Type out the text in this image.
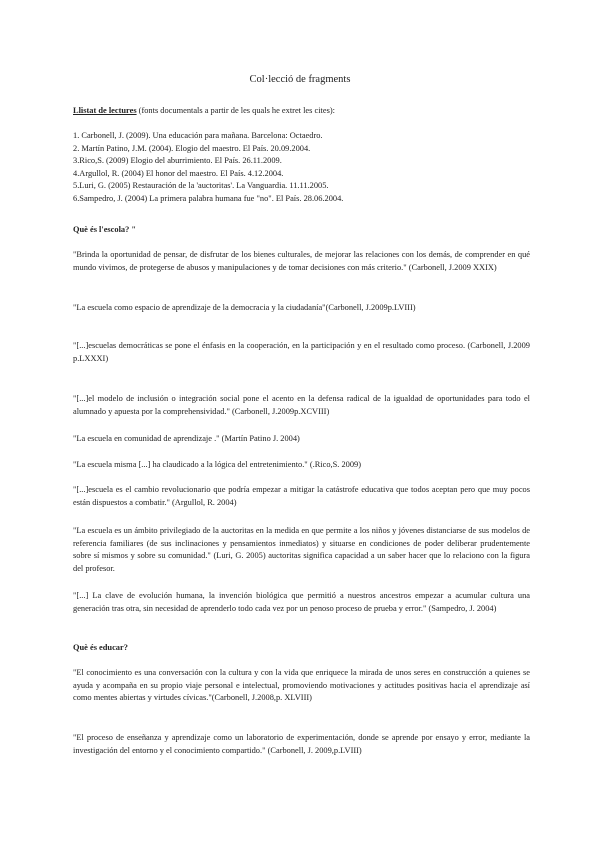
Col·lecció de fragments
Llistat de lectures (fonts documentals a partir de les quals he extret les cites):
1. Carbonell, J. (2009). Una educación para mañana. Barcelona: Octaedro.
2. Martín Patino, J.M. (2004). Elogio del maestro. El País. 20.09.2004.
3.Rico,S. (2009) Elogio del aburrimiento. El País. 26.11.2009.
4.Argullol, R. (2004) El honor del maestro. El País. 4.12.2004.
5.Luri, G. (2005) Restauración de la 'auctoritas'. La Vanguardia. 11.11.2005.
6.Sampedro, J. (2004) La primera palabra humana fue "no". El País. 28.06.2004.
Què és l'escola? "
"Brinda la oportunidad de pensar, de disfrutar de los bienes culturales, de mejorar las relaciones con los demás, de comprender en qué mundo vivimos, de protegerse de abusos y manipulaciones y de tomar decisiones con más criterio." (Carbonell, J.2009 XXIX)
"La escuela como espacio de aprendizaje de la democracia y la ciudadanía"(Carbonell, J.2009p.LVIII)
"[...]escuelas democráticas se pone el énfasis en la cooperación, en la participación y en el resultado como proceso. (Carbonell, J.2009 p.LXXXI)
"[...]el modelo de inclusión o integración social pone el acento en la defensa radical de la igualdad de oportunidades para todo el alumnado y apuesta por la comprehensividad." (Carbonell, J.2009p.XCVIII)
"La escuela en comunidad de aprendizaje ." (Martín Patino J. 2004)
"La escuela misma [...] ha claudicado a la lógica del entretenimiento." (.Rico,S. 2009)
"[...]escuela es el cambio revolucionario que podría empezar a mitigar la catástrofe educativa que todos aceptan pero que muy pocos están dispuestos a combatir." (Argullol, R. 2004)
"La escuela es un ámbito privilegiado de la auctoritas en la medida en que permite a los niños y jóvenes distanciarse de sus modelos de referencia familiares (de sus inclinaciones y pensamientos inmediatos) y situarse en condiciones de poder deliberar prudentemente sobre sí mismos y sobre su comunidad." (Luri, G. 2005) auctoritas significa capacidad a un saber hacer que lo relaciono con la figura del profesor.
"[...] La clave de evolución humana, la invención biológica que permitió a nuestros ancestros empezar a acumular cultura una generación tras otra, sin necesidad de aprenderlo todo cada vez por un penoso proceso de prueba y error." (Sampedro, J. 2004)
Què és educar?
"El conocimiento es una conversación con la cultura y con la vida que enriquece la mirada de unos seres en construcción a quienes se ayuda y acompaña en su propio viaje personal e intelectual, promoviendo motivaciones y actitudes positivas hacia el aprendizaje así como mentes abiertas y virtudes cívicas."(Carbonell, J.2008,p. XLVIII)
"El proceso de enseñanza y aprendizaje como un laboratorio de experimentación, donde se aprende por ensayo y error, mediante la investigación del entorno y el conocimiento compartido." (Carbonell, J. 2009,p.LVIII)
